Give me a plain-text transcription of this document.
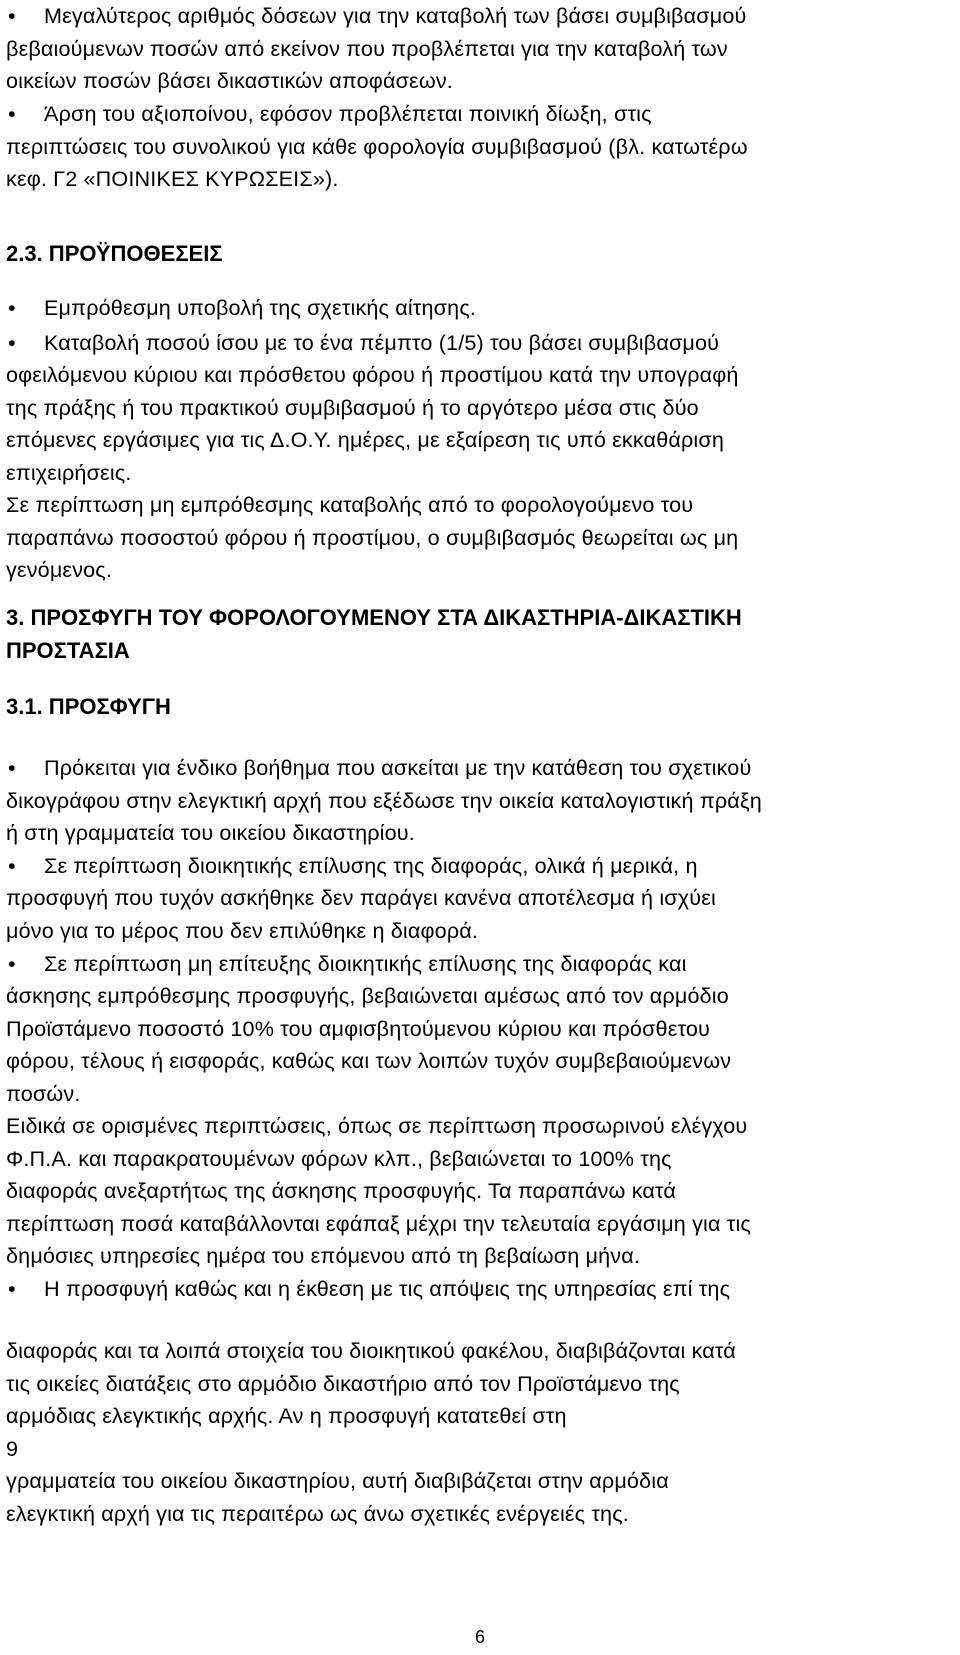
• Μεγαλύτερος αριθμός δόσεων για την καταβολή των βάσει συμβιβασμού
βεβαιούμενων ποσών από εκείνον που προβλέπεται για την καταβολή των
οικείων ποσών βάσει δικαστικών αποφάσεων.
• Άρση του αξιοποίνου, εφόσον προβλέπεται ποινική δίωξη, στις
περιπτώσεις του συνολικού για κάθε φορολογία συμβιβασμού (βλ. κατωτέρω
κεφ. Γ2 «ΠΟΙΝΙΚΕΣ ΚΥΡΩΣΕΙΣ»).
2.3. ΠΡΟΫΠΟΘΕΣΕΙΣ
• Εμπρόθεσμη υποβολή της σχετικής αίτησης.
• Καταβολή ποσού ίσου με το ένα πέμπτο (1/5) του βάσει συμβιβασμού
οφειλόμενου κύριου και πρόσθετου φόρου ή προστίμου κατά την υπογραφή
της πράξης ή του πρακτικού συμβιβασμού ή το αργότερο μέσα στις δύο
επόμενες εργάσιμες για τις Δ.Ο.Υ. ημέρες, με εξαίρεση τις υπό εκκαθάριση
επιχειρήσεις.
Σε περίπτωση μη εμπρόθεσμης καταβολής από το φορολογούμενο του
παραπάνω ποσοστού φόρου ή προστίμου, ο συμβιβασμός θεωρείται ως μη
γενόμενος.
3. ΠΡΟΣΦΥΓΗ ΤΟΥ ΦΟΡΟΛΟΓΟΥΜΕΝΟΥ ΣΤΑ ΔΙΚΑΣΤΗΡΙΑ-ΔΙΚΑΣΤΙΚΗ
ΠΡΟΣΤΑΣΙΑ
3.1. ΠΡΟΣΦΥΓΗ
• Πρόκειται για ένδικο βοήθημα που ασκείται με την κατάθεση του σχετικού
δικογράφου στην ελεγκτική αρχή που εξέδωσε την οικεία καταλογιστική πράξη
ή στη γραμματεία του οικείου δικαστηρίου.
• Σε περίπτωση διοικητικής επίλυσης της διαφοράς, ολικά ή μερικά, η
προσφυγή που τυχόν ασκήθηκε δεν παράγει κανένα αποτέλεσμα ή ισχύει
μόνο για το μέρος που δεν επιλύθηκε η διαφορά.
• Σε περίπτωση μη επίτευξης διοικητικής επίλυσης της διαφοράς και
άσκησης εμπρόθεσμης προσφυγής, βεβαιώνεται αμέσως από τον αρμόδιο
Προϊστάμενο ποσοστό 10% του αμφισβητούμενου κύριου και πρόσθετου
φόρου, τέλους ή εισφοράς, καθώς και των λοιπών τυχόν συμβεβαιούμενων
ποσών.
Ειδικά σε ορισμένες περιπτώσεις, όπως σε περίπτωση προσωρινού ελέγχου
Φ.Π.Α. και παρακρατουμένων φόρων κλπ., βεβαιώνεται το 100% της
διαφοράς ανεξαρτήτως της άσκησης προσφυγής. Τα παραπάνω κατά
περίπτωση ποσά καταβάλλονται εφάπαξ μέχρι την τελευταία εργάσιμη για τις
δημόσιες υπηρεσίες ημέρα του επόμενου από τη βεβαίωση μήνα.
• Η προσφυγή καθώς και η έκθεση με τις απόψεις της υπηρεσίας επί της
διαφοράς και τα λοιπά στοιχεία του διοικητικού φακέλου, διαβιβάζονται κατά
τις οικείες διατάξεις στο αρμόδιο δικαστήριο από τον Προϊστάμενο της
αρμόδιας ελεγκτικής αρχής. Αν η προσφυγή κατατεθεί στη
9
γραμματεία του οικείου δικαστηρίου, αυτή διαβιβάζεται στην αρμόδια
ελεγκτική αρχή για τις περαιτέρω ως άνω σχετικές ενέργειές της.
6
